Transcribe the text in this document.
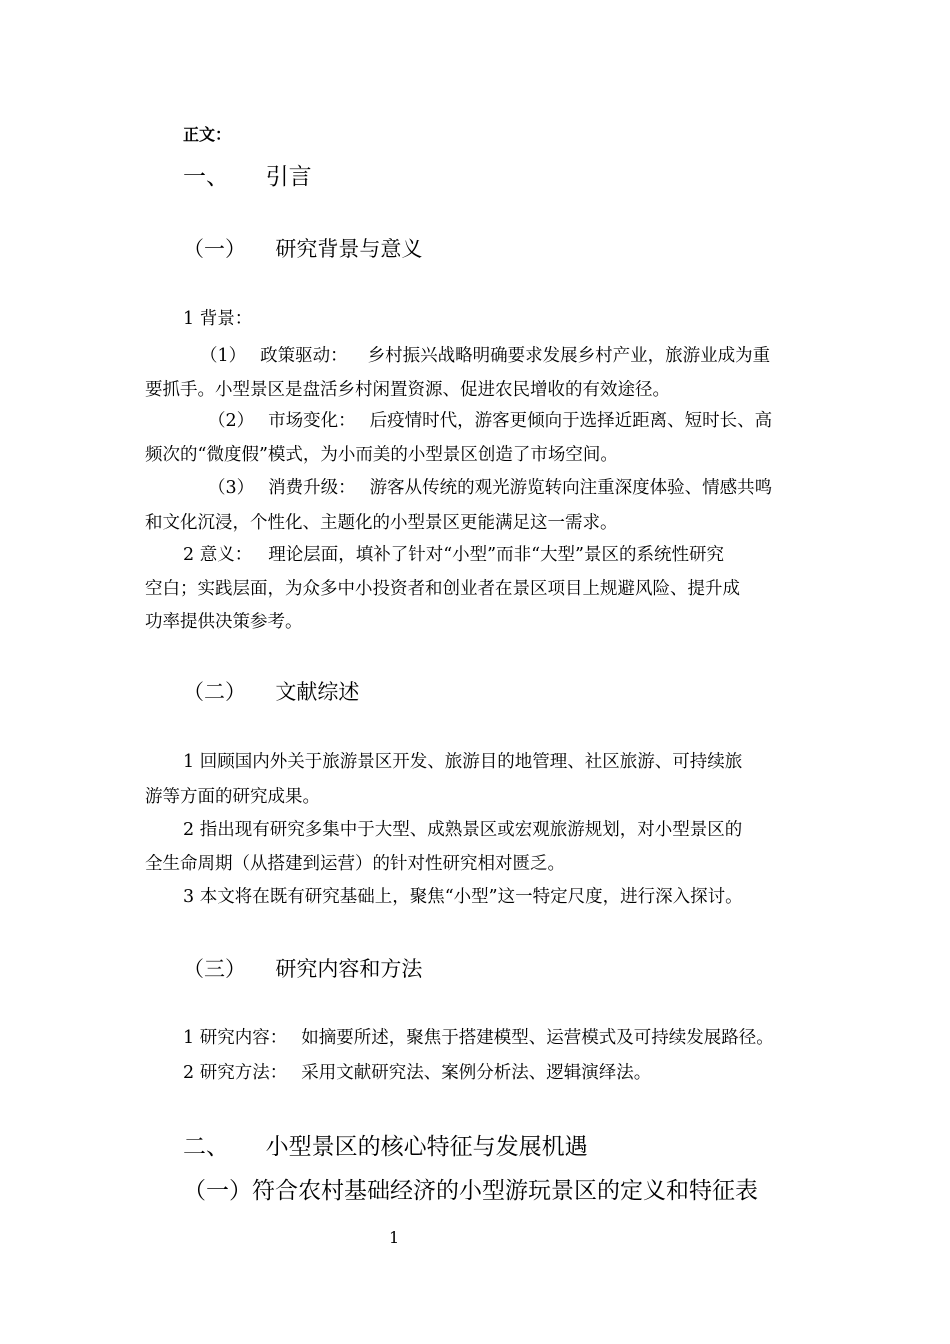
正文：
一、 引言
（一） 研究背景与意义
1 背景：
（1） 政策驱动： 乡村振兴战略明确要求发展乡村产业，旅游业成为重
要抓手。小型景区是盘活乡村闲置资源、促进农民增收的有效途径。
（2） 市场变化： 后疫情时代，游客更倾向于选择近距离、短时长、高
频次的“微度假”模式，为小而美的小型景区创造了市场空间。
（3） 消费升级： 游客从传统的观光游览转向注重深度体验、情感共鸣
和文化沉浸，个性化、主题化的小型景区更能满足这一需求。
2 意义： 理论层面，填补了针对“小型”而非“大型”景区的系统性研究
空白；实践层面，为众多中小投资者和创业者在景区项目上规避风险、提升成
功率提供决策参考。
（二） 文献综述
1 回顾国内外关于旅游景区开发、旅游目的地管理、社区旅游、可持续旅
游等方面的研究成果。
2 指出现有研究多集中于大型、成熟景区或宏观旅游规划，对小型景区的
全生命周期（从搭建到运营）的针对性研究相对匮乏。
3 本文将在既有研究基础上，聚焦“小型”这一特定尺度，进行深入探讨。
（三） 研究内容和方法
1 研究内容： 如摘要所述，聚焦于搭建模型、运营模式及可持续发展路径。
2 研究方法： 采用文献研究法、案例分析法、逻辑演绎法。
二、 小型景区的核心特征与发展机遇
（一）符合农村基础经济的小型游玩景区的定义和特征表
1
